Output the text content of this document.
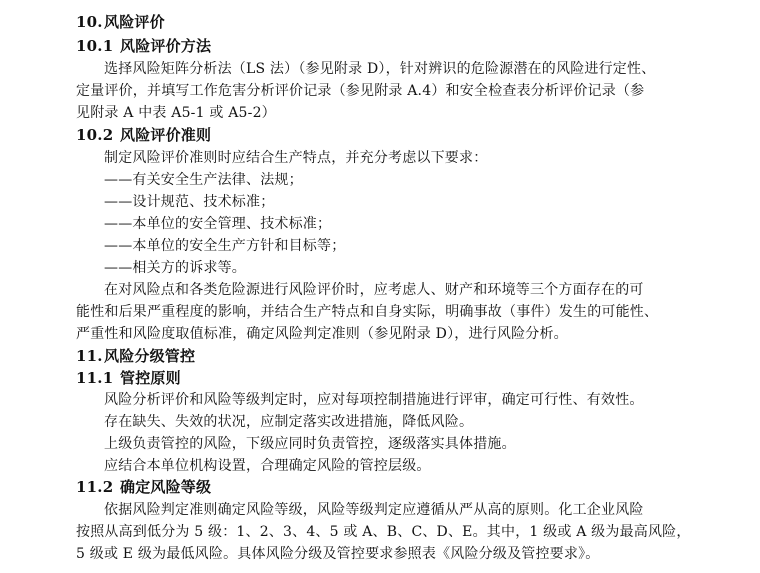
10.风险评价
10.1 风险评价方法
选择风险矩阵分析法（LS 法）（参见附录 D），针对辨识的危险源潜在的风险进行定性、
定量评价，并填写工作危害分析评价记录（参见附录 A.4）和安全检查表分析评价记录（参
见附录 A 中表 A5-1 或 A5-2）
10.2 风险评价准则
制定风险评价准则时应结合生产特点，并充分考虑以下要求：
——有关安全生产法律、法规；
——设计规范、技术标准；
——本单位的安全管理、技术标准；
——本单位的安全生产方针和目标等；
——相关方的诉求等。
在对风险点和各类危险源进行风险评价时，应考虑人、财产和环境等三个方面存在的可
能性和后果严重程度的影响，并结合生产特点和自身实际，明确事故（事件）发生的可能性、
严重性和风险度取值标准，确定风险判定准则（参见附录 D），进行风险分析。
11.风险分级管控
11.1 管控原则
风险分析评价和风险等级判定时，应对每项控制措施进行评审，确定可行性、有效性。
存在缺失、失效的状况，应制定落实改进措施，降低风险。
上级负责管控的风险，下级应同时负责管控，逐级落实具体措施。
应结合本单位机构设置，合理确定风险的管控层级。
11.2 确定风险等级
依据风险判定准则确定风险等级，风险等级判定应遵循从严从高的原则。化工企业风险
按照从高到低分为 5 级：1、2、3、4、5 或 A、B、C、D、E。其中，1 级或 A 级为最高风险，
5 级或 E 级为最低风险。具体风险分级及管控要求参照表《风险分级及管控要求》。
